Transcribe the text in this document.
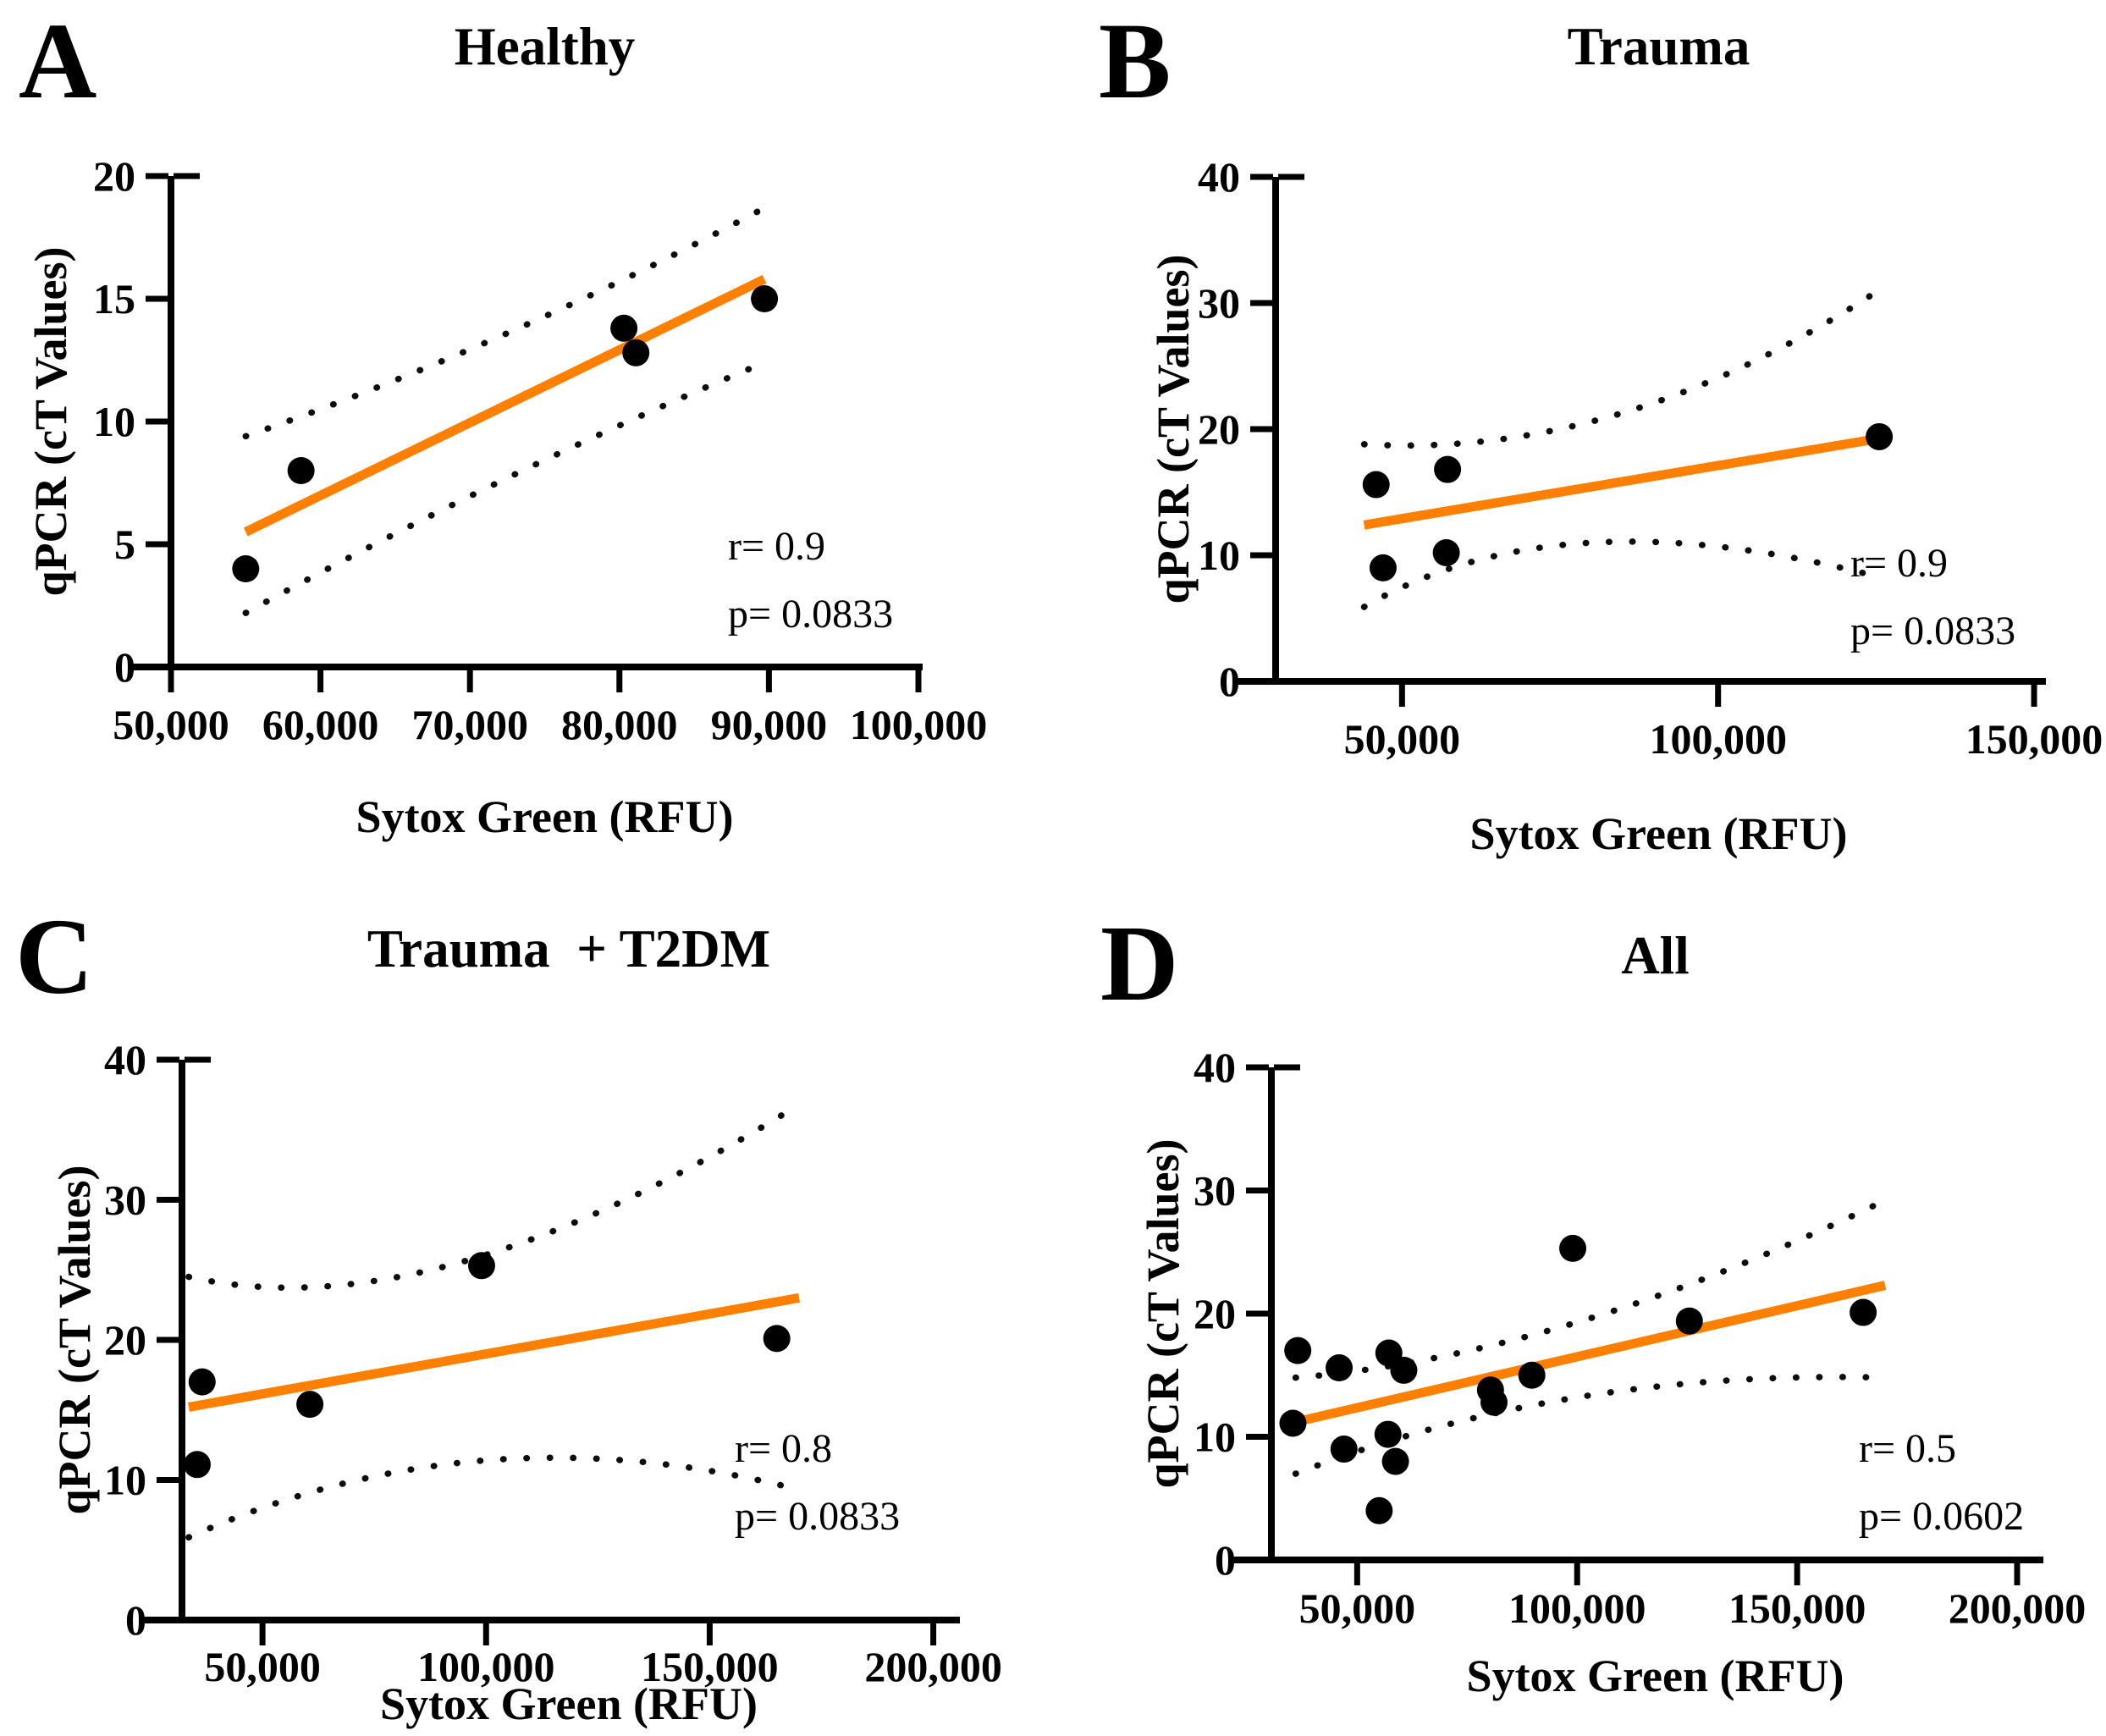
0
5
10
15
20
50,000 60,000 70,000 80,000 90,000 100,000
0
10
20
30
40
50,000	100,000	150,000
0
10
20
30
40
50,000 100,000 150,000 200,000
0
10
20
30
40
50,000 100,000 150,000 200,000
A	Healthy
qPCR (cT Values)
Sytox Green (RFU)
r= 0.9
p= 0.0833
B	Trauma
qPCR (cT Values)
Sytox Green (RFU)
r= 0.9
p= 0.0833
C	Trauma  + T2DM
qPCR (cT Values)
Sytox Green (RFU)
r= 0.8
p= 0.0833
D	All
qPCR (cT Values)
Sytox Green (RFU)
r= 0.5
p= 0.0602
